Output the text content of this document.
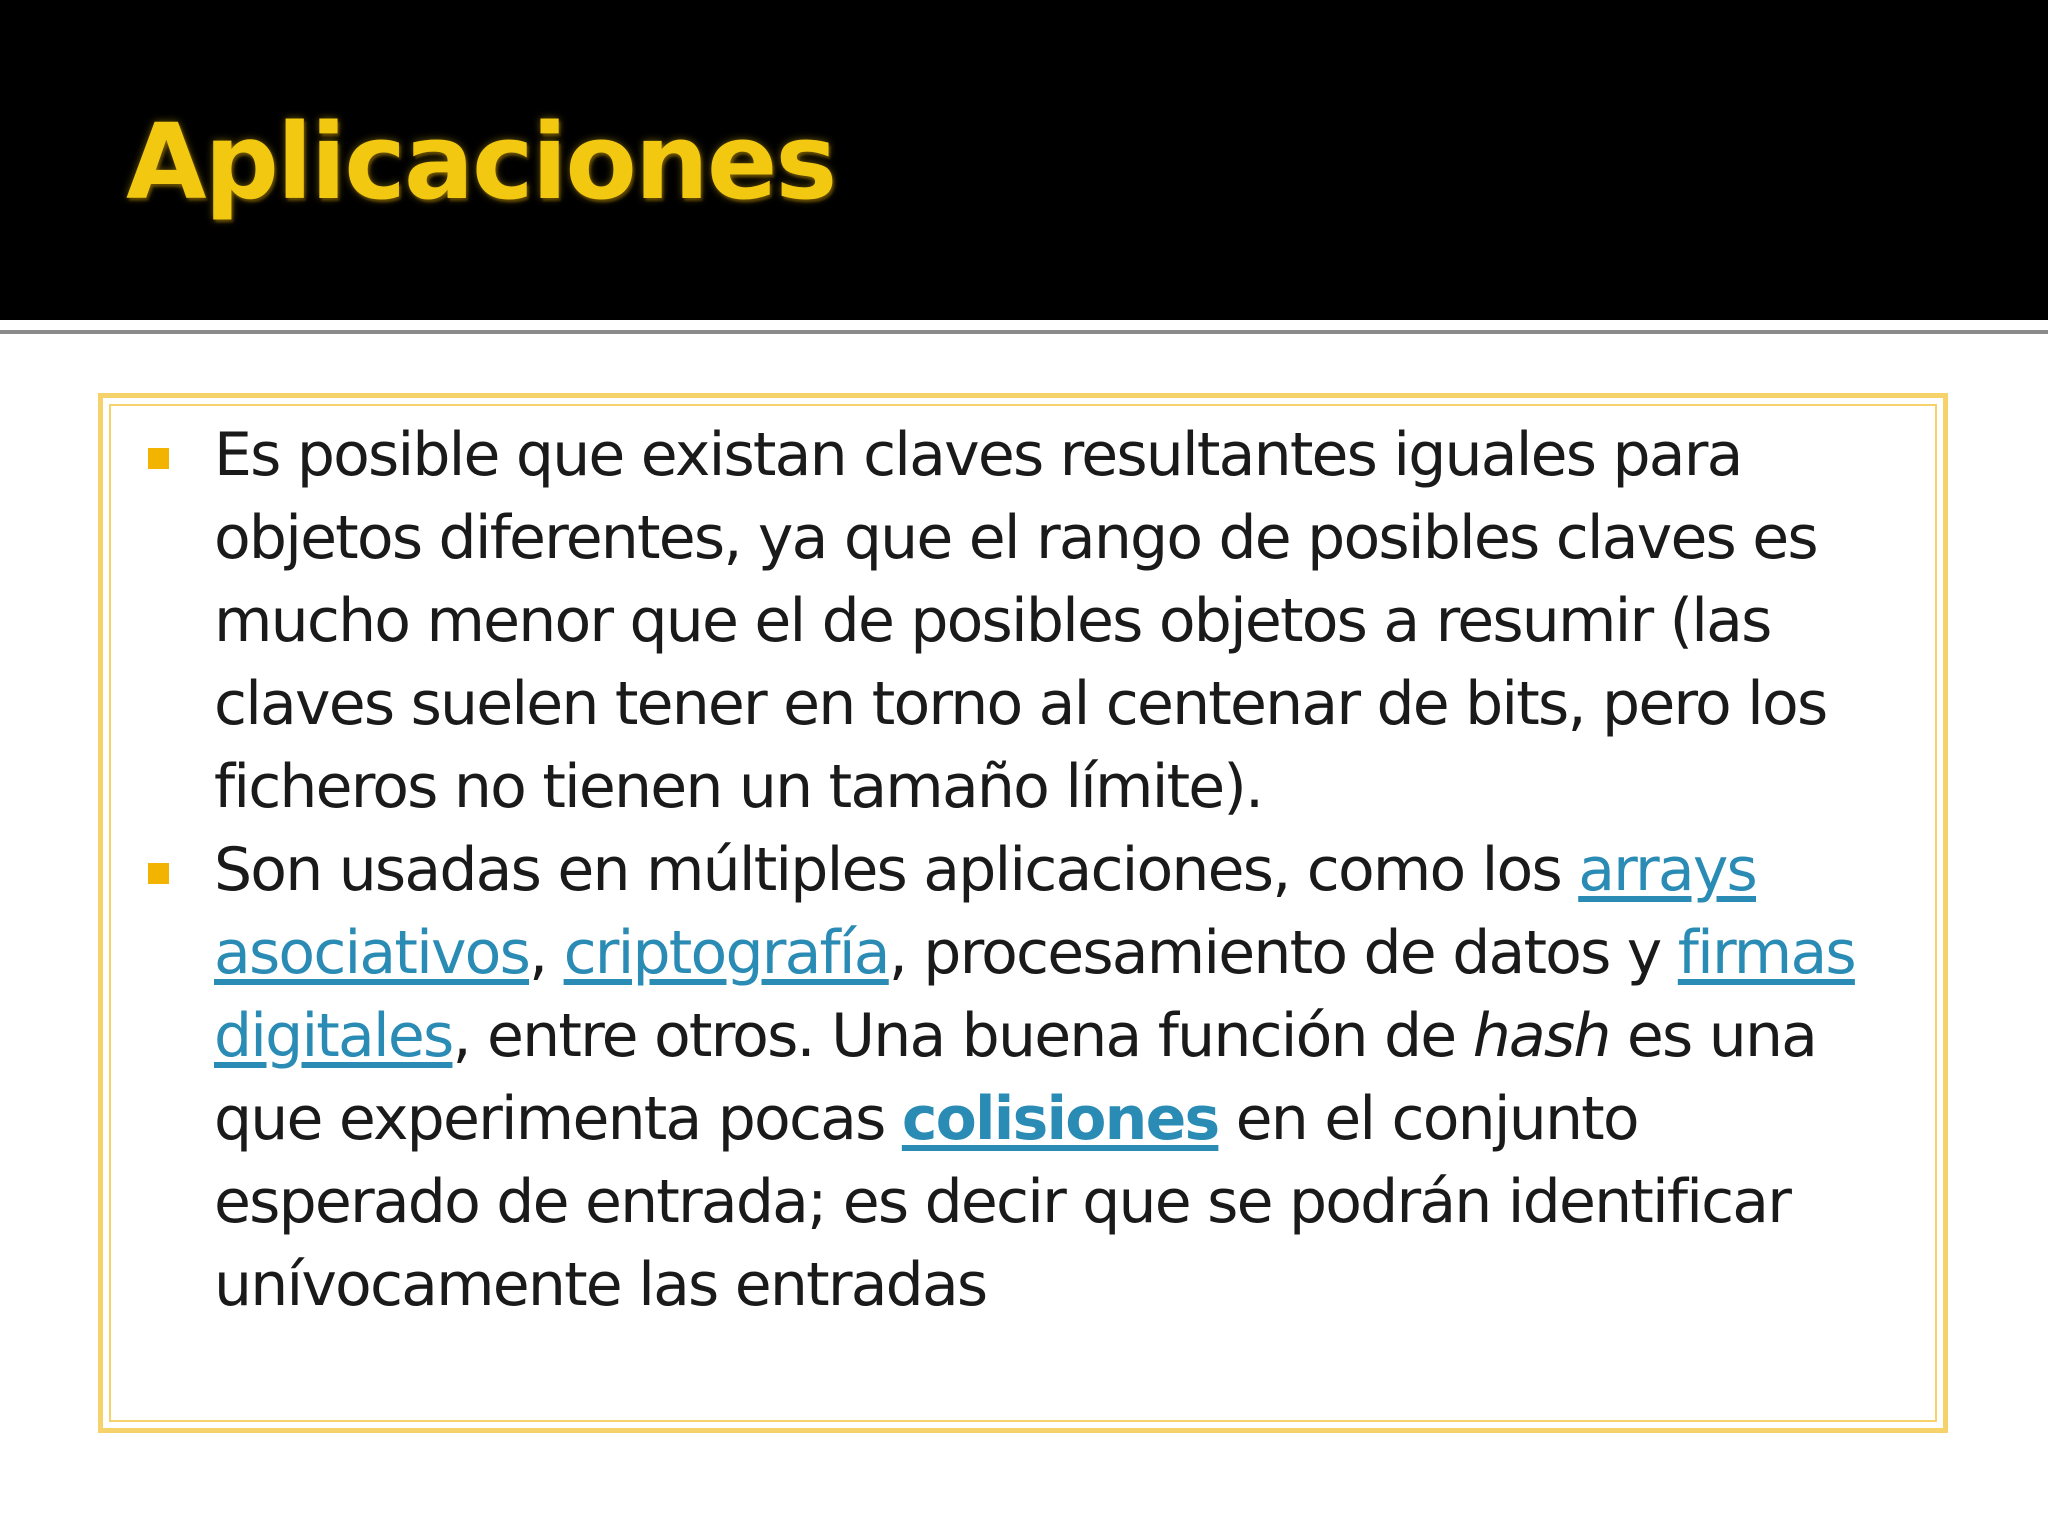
Aplicaciones
Es posible que existan claves resultantes iguales para objetos diferentes, ya que el rango de posibles claves es mucho menor que el de posibles objetos a resumir (las claves suelen tener en torno al centenar de bits, pero los ficheros no tienen un tamaño límite).
Son usadas en múltiples aplicaciones, como los arrays asociativos, criptografía, procesamiento de datos y firmas digitales, entre otros. Una buena función de hash es una que experimenta pocas colisiones en el conjunto esperado de entrada; es decir que se podrán identificar unívocamente las entradas
